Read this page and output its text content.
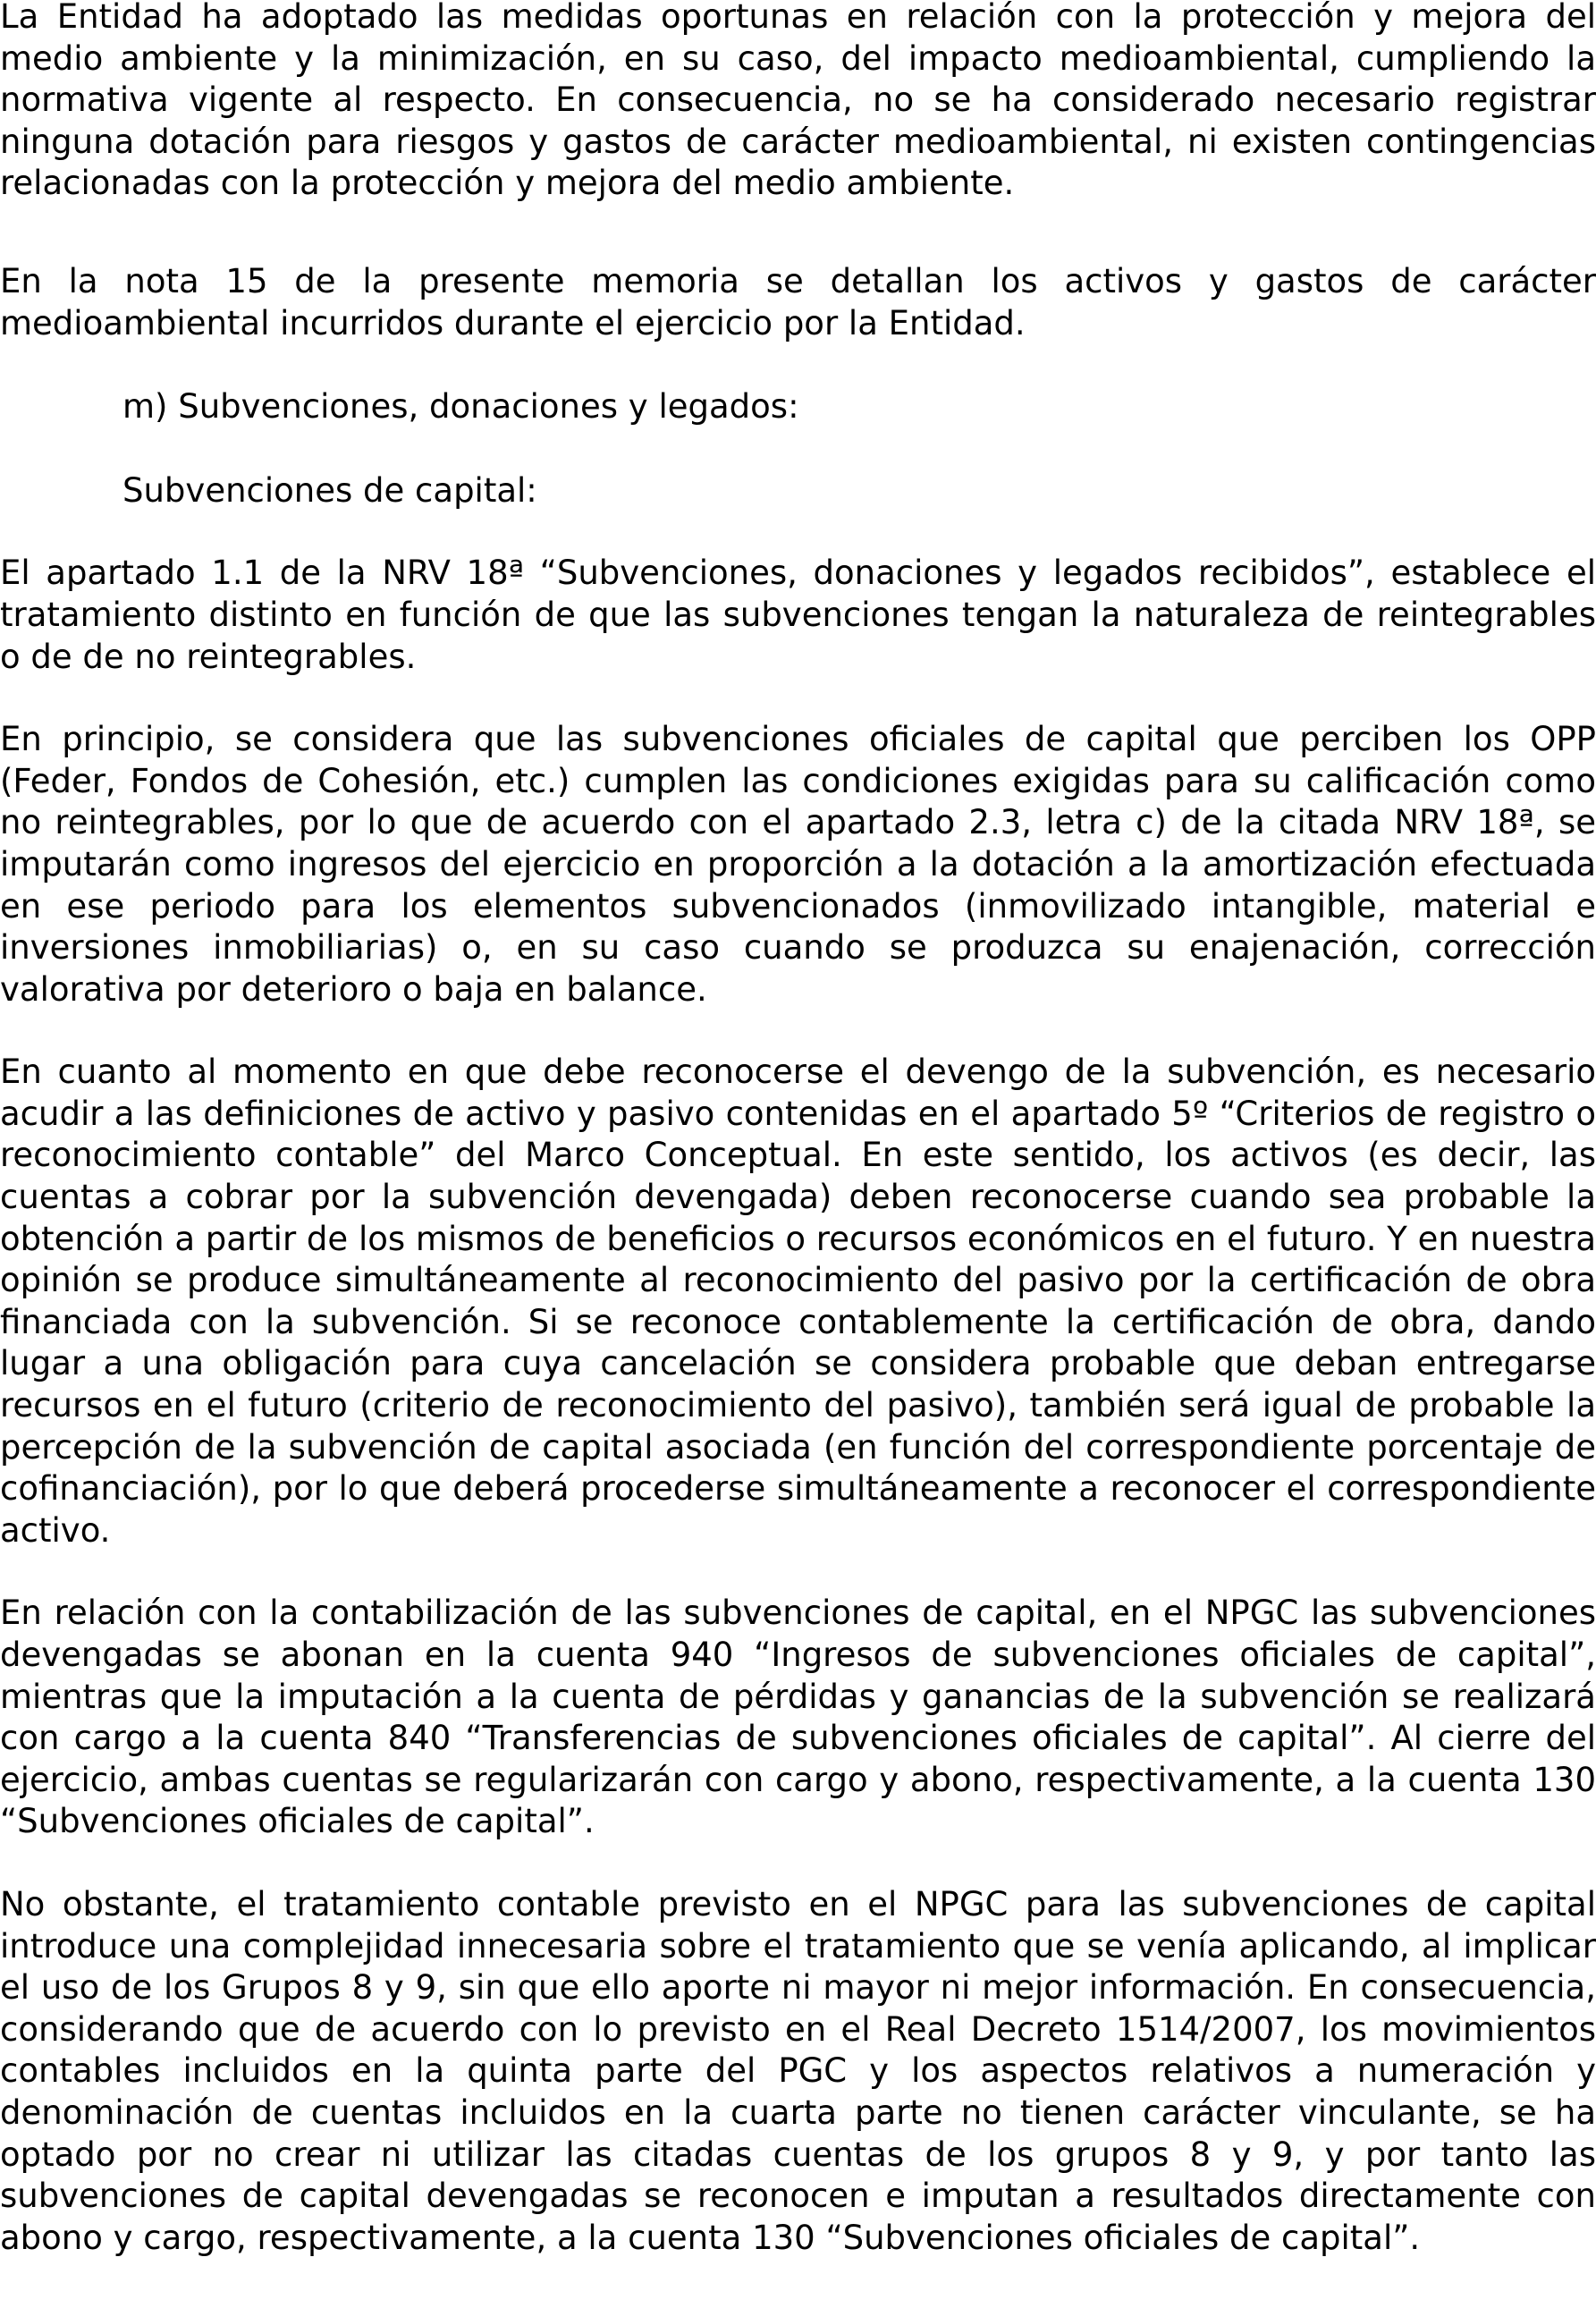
La Entidad ha adoptado las medidas oportunas en relación con la protección y mejora del medio ambiente y la minimización, en su caso, del impacto medioambiental, cumpliendo la normativa vigente al respecto. En consecuencia, no se ha considerado necesario registrar ninguna dotación para riesgos y gastos de carácter medioambiental, ni existen contingencias relacionadas con la protección y mejora del medio ambiente.

En la nota 15 de la presente memoria se detallan los activos y gastos de carácter medioambiental incurridos durante el ejercicio por la Entidad.

m) Subvenciones, donaciones y legados:

Subvenciones de capital:

El apartado 1.1 de la NRV 18ª “Subvenciones, donaciones y legados recibidos”, establece el tratamiento distinto en función de que las subvenciones tengan la naturaleza de reintegrables o de de no reintegrables.

En principio, se considera que las subvenciones oficiales de capital que perciben los OPP (Feder, Fondos de Cohesión, etc.) cumplen las condiciones exigidas para su calificación como no reintegrables, por lo que de acuerdo con el apartado 2.3, letra c) de la citada NRV 18ª, se imputarán como ingresos del ejercicio en proporción a la dotación a la amortización efectuada en ese periodo para los elementos subvencionados (inmovilizado intangible, material e inversiones inmobiliarias) o, en su caso cuando se produzca su enajenación, corrección valorativa por deterioro o baja en balance.

En cuanto al momento en que debe reconocerse el devengo de la subvención, es necesario acudir a las definiciones de activo y pasivo contenidas en el apartado 5º “Criterios de registro o reconocimiento contable” del Marco Conceptual. En este sentido, los activos (es decir, las cuentas a cobrar por la subvención devengada) deben reconocerse cuando sea probable la obtención a partir de los mismos de beneficios o recursos económicos en el futuro. Y en nuestra opinión se produce simultáneamente al reconocimiento del pasivo por la certificación de obra financiada con la subvención. Si se reconoce contablemente la certificación de obra, dando lugar a una obligación para cuya cancelación se considera probable que deban entregarse recursos en el futuro (criterio de reconocimiento del pasivo), también será igual de probable la percepción de la subvención de capital asociada (en función del correspondiente porcentaje de cofinanciación), por lo que deberá procederse simultáneamente a reconocer el correspondiente activo.

En relación con la contabilización de las subvenciones de capital, en el NPGC las subvenciones devengadas se abonan en la cuenta 940 “Ingresos de subvenciones oficiales de capital”, mientras que la imputación a la cuenta de pérdidas y ganancias de la subvención se realizará con cargo a la cuenta 840 “Transferencias de subvenciones oficiales de capital”. Al cierre del ejercicio, ambas cuentas se regularizarán con cargo y abono, respectivamente, a la cuenta 130 “Subvenciones oficiales de capital”.

No obstante, el tratamiento contable previsto en el NPGC para las subvenciones de capital introduce una complejidad innecesaria sobre el tratamiento que se venía aplicando, al implicar el uso de los Grupos 8 y 9, sin que ello aporte ni mayor ni mejor información. En consecuencia, considerando que de acuerdo con lo previsto en el Real Decreto 1514/2007, los movimientos contables incluidos en la quinta parte del PGC y los aspectos relativos a numeración y denominación de cuentas incluidos en la cuarta parte no tienen carácter vinculante, se ha optado por no crear ni utilizar las citadas cuentas de los grupos 8 y 9, y por tanto las subvenciones de capital devengadas se reconocen e imputan a resultados directamente con abono y cargo, respectivamente, a la cuenta 130 “Subvenciones oficiales de capital”.
